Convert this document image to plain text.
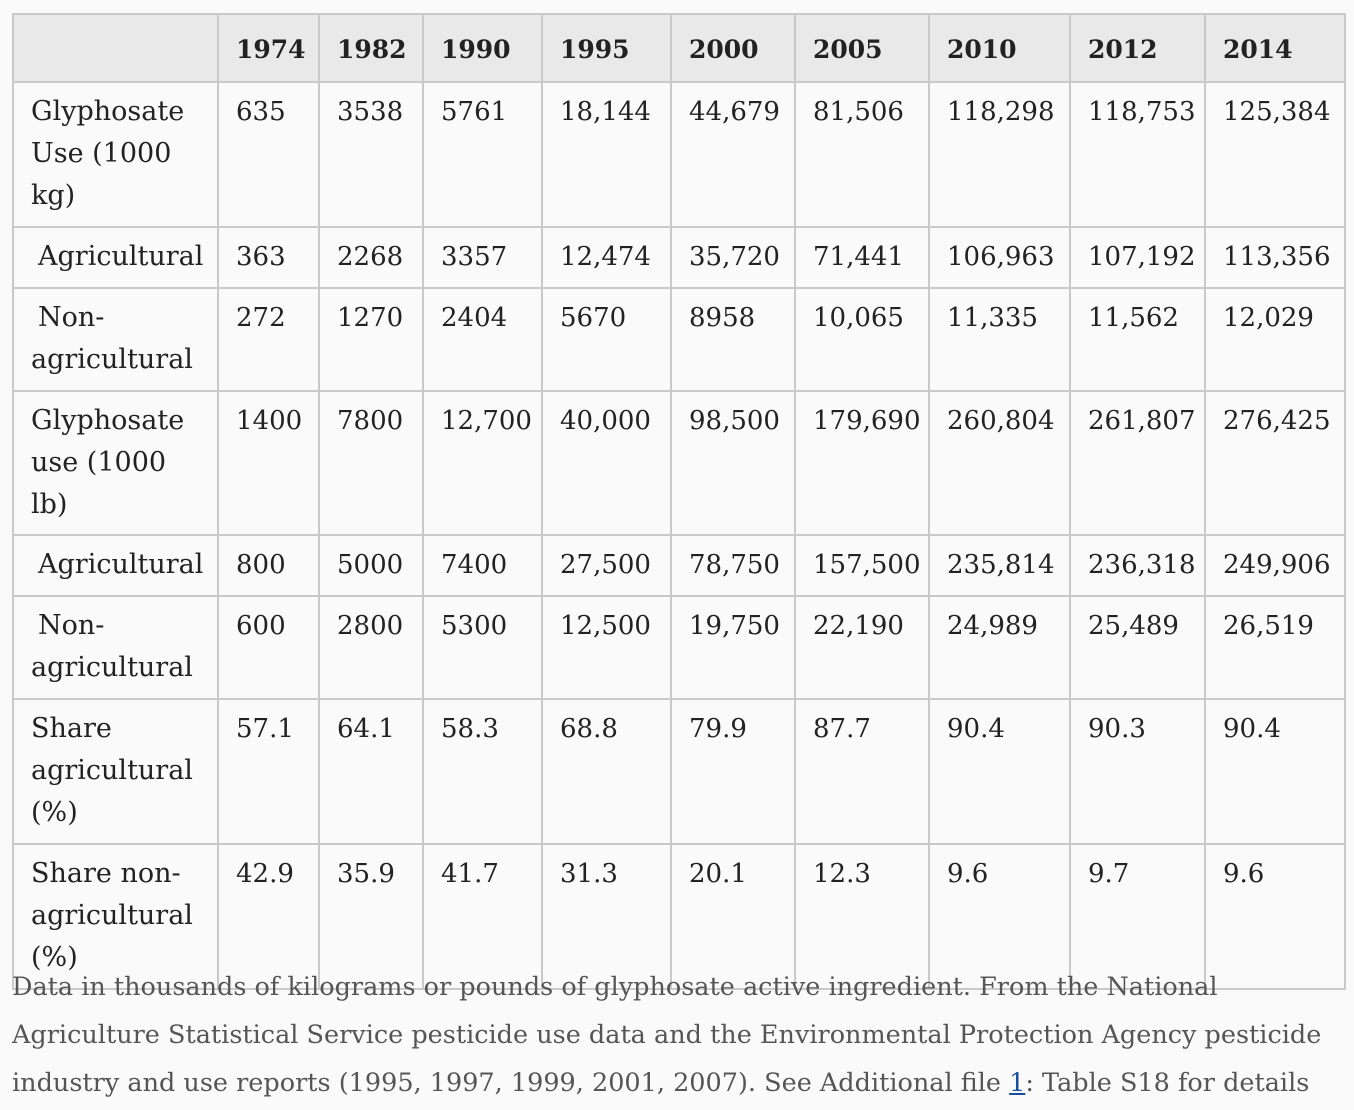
	1974	1982	1990	1995	2000	2005	2010	2012	2014
Glyphosate Use (1000 kg)	635	3538	5761	18,144	44,679	81,506	118,298	118,753	125,384
Agricultural	363	2268	3357	12,474	35,720	71,441	106,963	107,192	113,356
Non-agricultural	272	1270	2404	5670	8958	10,065	11,335	11,562	12,029
Glyphosate use (1000 lb)	1400	7800	12,700	40,000	98,500	179,690	260,804	261,807	276,425
Agricultural	800	5000	7400	27,500	78,750	157,500	235,814	236,318	249,906
Non-agricultural	600	2800	5300	12,500	19,750	22,190	24,989	25,489	26,519
Share agricultural (%)	57.1	64.1	58.3	68.8	79.9	87.7	90.4	90.3	90.4
Share non-agricultural (%)	42.9	35.9	41.7	31.3	20.1	12.3	9.6	9.7	9.6
Data in thousands of kilograms or pounds of glyphosate active ingredient. From the National Agriculture Statistical Service pesticide use data and the Environmental Protection Agency pesticide industry and use reports (1995, 1997, 1999, 2001, 2007). See Additional file 1: Table S18 for details
